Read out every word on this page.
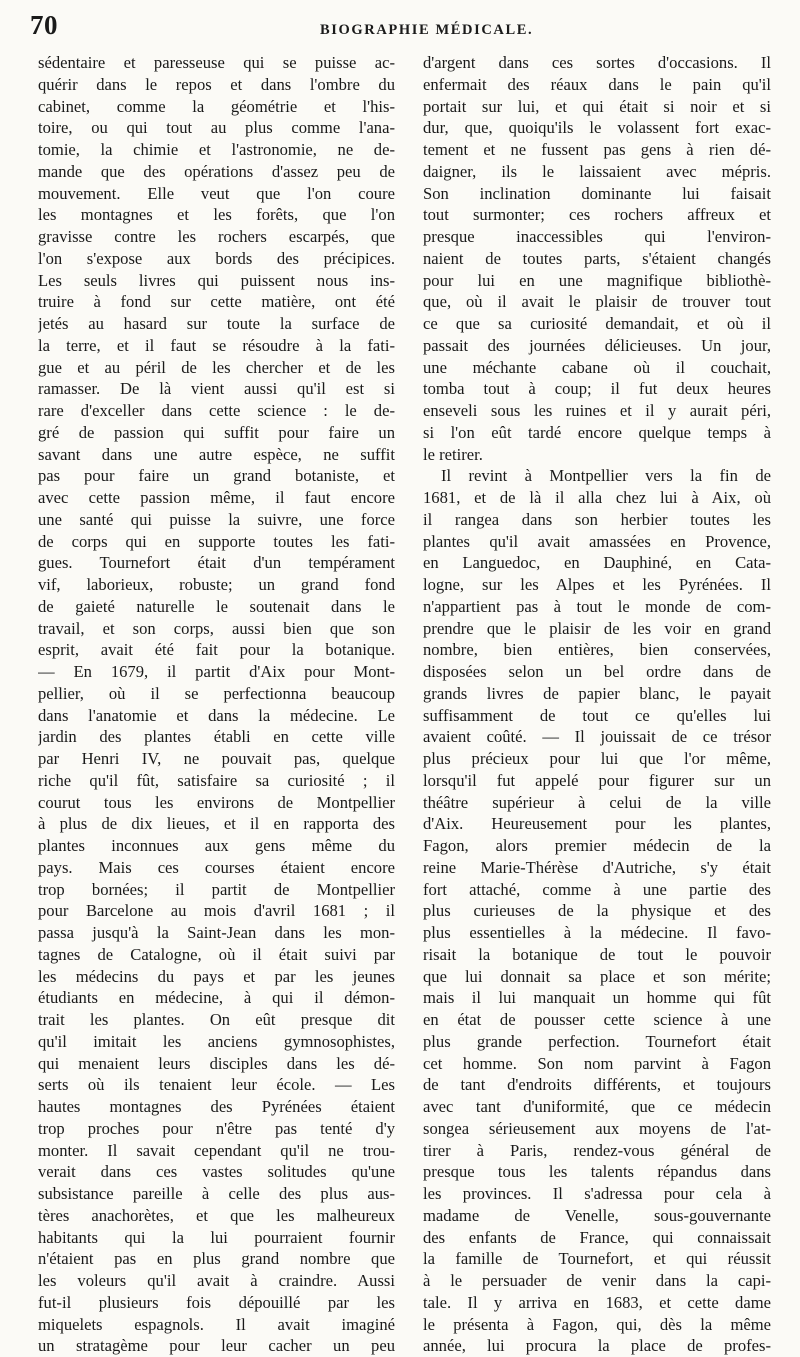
70	BIOGRAPHIE MÉDICALE.
sédentaire et paresseuse qui se puisse ac-
quérir dans le repos et dans l'ombre du
cabinet, comme la géométrie et l'his-
toire, ou qui tout au plus comme l'ana-
tomie, la chimie et l'astronomie, ne de-
mande que des opérations d'assez peu de
mouvement. Elle veut que l'on coure
les montagnes et les forêts, que l'on
gravisse contre les rochers escarpés, que
l'on s'expose aux bords des précipices.
Les seuls livres qui puissent nous ins-
truire à fond sur cette matière, ont été
jetés au hasard sur toute la surface de
la terre, et il faut se résoudre à la fati-
gue et au péril de les chercher et de les
ramasser. De là vient aussi qu'il est si
rare d'exceller dans cette science : le de-
gré de passion qui suffit pour faire un
savant dans une autre espèce, ne suffit
pas pour faire un grand botaniste, et
avec cette passion même, il faut encore
une santé qui puisse la suivre, une force
de corps qui en supporte toutes les fati-
gues. Tournefort était d'un tempérament
vif, laborieux, robuste; un grand fond
de gaieté naturelle le soutenait dans le
travail, et son corps, aussi bien que son
esprit, avait été fait pour la botanique.
— En 1679, il partit d'Aix pour Mont-
pellier, où il se perfectionna beaucoup
dans l'anatomie et dans la médecine. Le
jardin des plantes établi en cette ville
par Henri IV, ne pouvait pas, quelque
riche qu'il fût, satisfaire sa curiosité ; il
courut tous les environs de Montpellier
à plus de dix lieues, et il en rapporta des
plantes inconnues aux gens même du
pays. Mais ces courses étaient encore
trop bornées; il partit de Montpellier
pour Barcelone au mois d'avril 1681 ; il
passa jusqu'à la Saint-Jean dans les mon-
tagnes de Catalogne, où il était suivi par
les médecins du pays et par les jeunes
étudiants en médecine, à qui il démon-
trait les plantes. On eût presque dit
qu'il imitait les anciens gymnosophistes,
qui menaient leurs disciples dans les dé-
serts où ils tenaient leur école. — Les
hautes montagnes des Pyrénées étaient
trop proches pour n'être pas tenté d'y
monter. Il savait cependant qu'il ne trou-
verait dans ces vastes solitudes qu'une
subsistance pareille à celle des plus aus-
tères anachorètes, et que les malheureux
habitants qui la lui pourraient fournir
n'étaient pas en plus grand nombre que
les voleurs qu'il avait à craindre. Aussi
fut-il plusieurs fois dépouillé par les
miquelets espagnols. Il avait imaginé
un stratagème pour leur cacher un peu
d'argent dans ces sortes d'occasions. Il
enfermait des réaux dans le pain qu'il
portait sur lui, et qui était si noir et si
dur, que, quoiqu'ils le volassent fort exac-
tement et ne fussent pas gens à rien dé-
daigner, ils le laissaient avec mépris.
Son inclination dominante lui faisait
tout surmonter; ces rochers affreux et
presque inaccessibles qui l'environ-
naient de toutes parts, s'étaient changés
pour lui en une magnifique bibliothè-
que, où il avait le plaisir de trouver tout
ce que sa curiosité demandait, et où il
passait des journées délicieuses. Un jour,
une méchante cabane où il couchait,
tomba tout à coup; il fut deux heures
enseveli sous les ruines et il y aurait péri,
si l'on eût tardé encore quelque temps à
le retirer.
Il revint à Montpellier vers la fin de
1681, et de là il alla chez lui à Aix, où
il rangea dans son herbier toutes les
plantes qu'il avait amassées en Provence,
en Languedoc, en Dauphiné, en Cata-
logne, sur les Alpes et les Pyrénées. Il
n'appartient pas à tout le monde de com-
prendre que le plaisir de les voir en grand
nombre, bien entières, bien conservées,
disposées selon un bel ordre dans de
grands livres de papier blanc, le payait
suffisamment de tout ce qu'elles lui
avaient coûté. — Il jouissait de ce trésor
plus précieux pour lui que l'or même,
lorsqu'il fut appelé pour figurer sur un
théâtre supérieur à celui de la ville
d'Aix. Heureusement pour les plantes,
Fagon, alors premier médecin de la
reine Marie-Thérèse d'Autriche, s'y était
fort attaché, comme à une partie des
plus curieuses de la physique et des
plus essentielles à la médecine. Il favo-
risait la botanique de tout le pouvoir
que lui donnait sa place et son mérite;
mais il lui manquait un homme qui fût
en état de pousser cette science à une
plus grande perfection. Tournefort était
cet homme. Son nom parvint à Fagon
de tant d'endroits différents, et toujours
avec tant d'uniformité, que ce médecin
songea sérieusement aux moyens de l'at-
tirer à Paris, rendez-vous général de
presque tous les talents répandus dans
les provinces. Il s'adressa pour cela à
madame de Venelle, sous-gouvernante
des enfants de France, qui connaissait
la famille de Tournefort, et qui réussit
à le persuader de venir dans la capi-
tale. Il y arriva en 1683, et cette dame
le présenta à Fagon, qui, dès la même
année, lui procura la place de profes-
